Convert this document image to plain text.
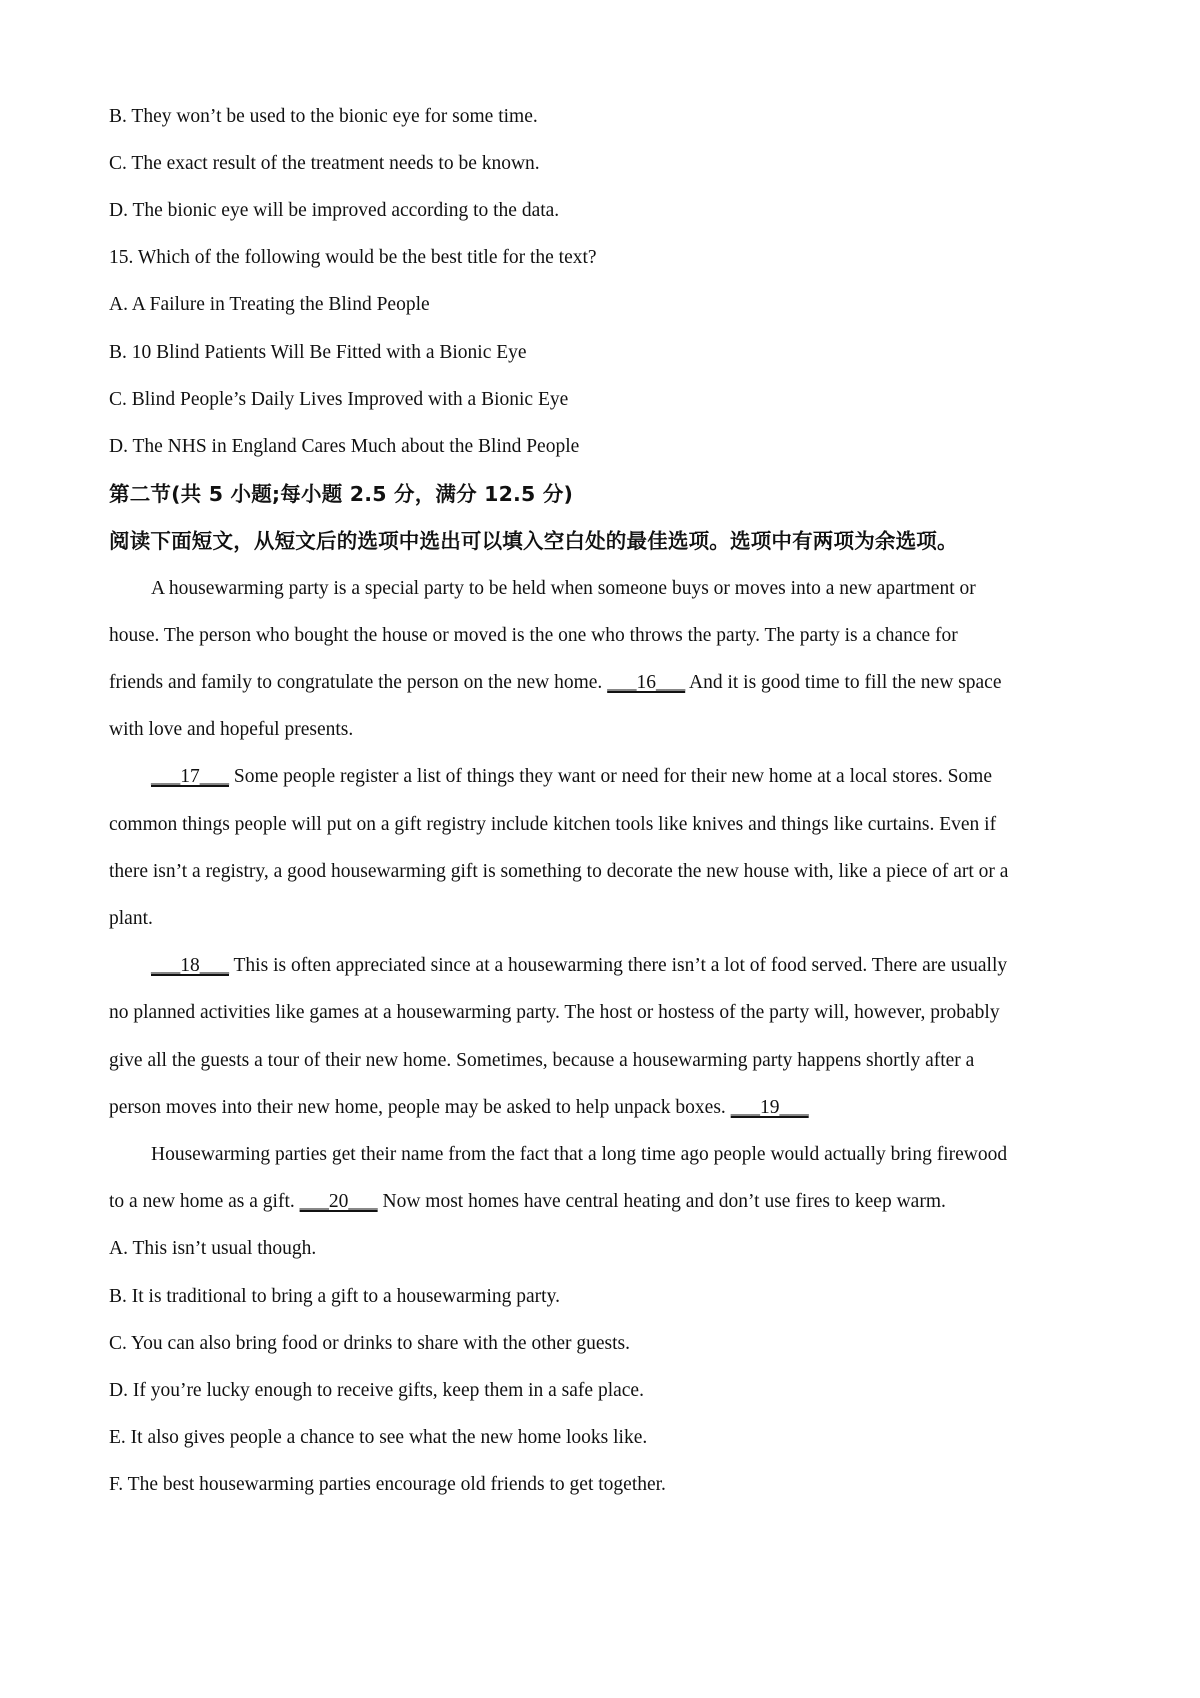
B. They won’t be used to the bionic eye for some time.
C. The exact result of the treatment needs to be known.
D. The bionic eye will be improved according to the data.
15. Which of the following would be the best title for the text?
A. A Failure in Treating the Blind People
B. 10 Blind Patients Will Be Fitted with a Bionic Eye
C. Blind People’s Daily Lives Improved with a Bionic Eye
D. The NHS in England Cares Much about the Blind People
第二节(共 5 小题;每小题 2.5 分，满分 12.5 分)
阅读下面短文，从短文后的选项中选出可以填入空白处的最佳选项。选项中有两项为余选项。
A housewarming party is a special party to be held when someone buys or moves into a new apartment or
house. The person who bought the house or moved is the one who throws the party. The party is a chance for
friends and family to congratulate the person on the new home. ___16___ And it is good time to fill the new space
with love and hopeful presents.
___17___ Some people register a list of things they want or need for their new home at a local stores. Some
common things people will put on a gift registry include kitchen tools like knives and things like curtains. Even if
there isn’t a registry, a good housewarming gift is something to decorate the new house with, like a piece of art or a
plant.
___18___ This is often appreciated since at a housewarming there isn’t a lot of food served. There are usually
no planned activities like games at a housewarming party. The host or hostess of the party will, however, probably
give all the guests a tour of their new home. Sometimes, because a housewarming party happens shortly after a
person moves into their new home, people may be asked to help unpack boxes. ___19___
Housewarming parties get their name from the fact that a long time ago people would actually bring firewood
to a new home as a gift. ___20___ Now most homes have central heating and don’t use fires to keep warm.
A. This isn’t usual though.
B. It is traditional to bring a gift to a housewarming party.
C. You can also bring food or drinks to share with the other guests.
D. If you’re lucky enough to receive gifts, keep them in a safe place.
E. It also gives people a chance to see what the new home looks like.
F. The best housewarming parties encourage old friends to get together.
